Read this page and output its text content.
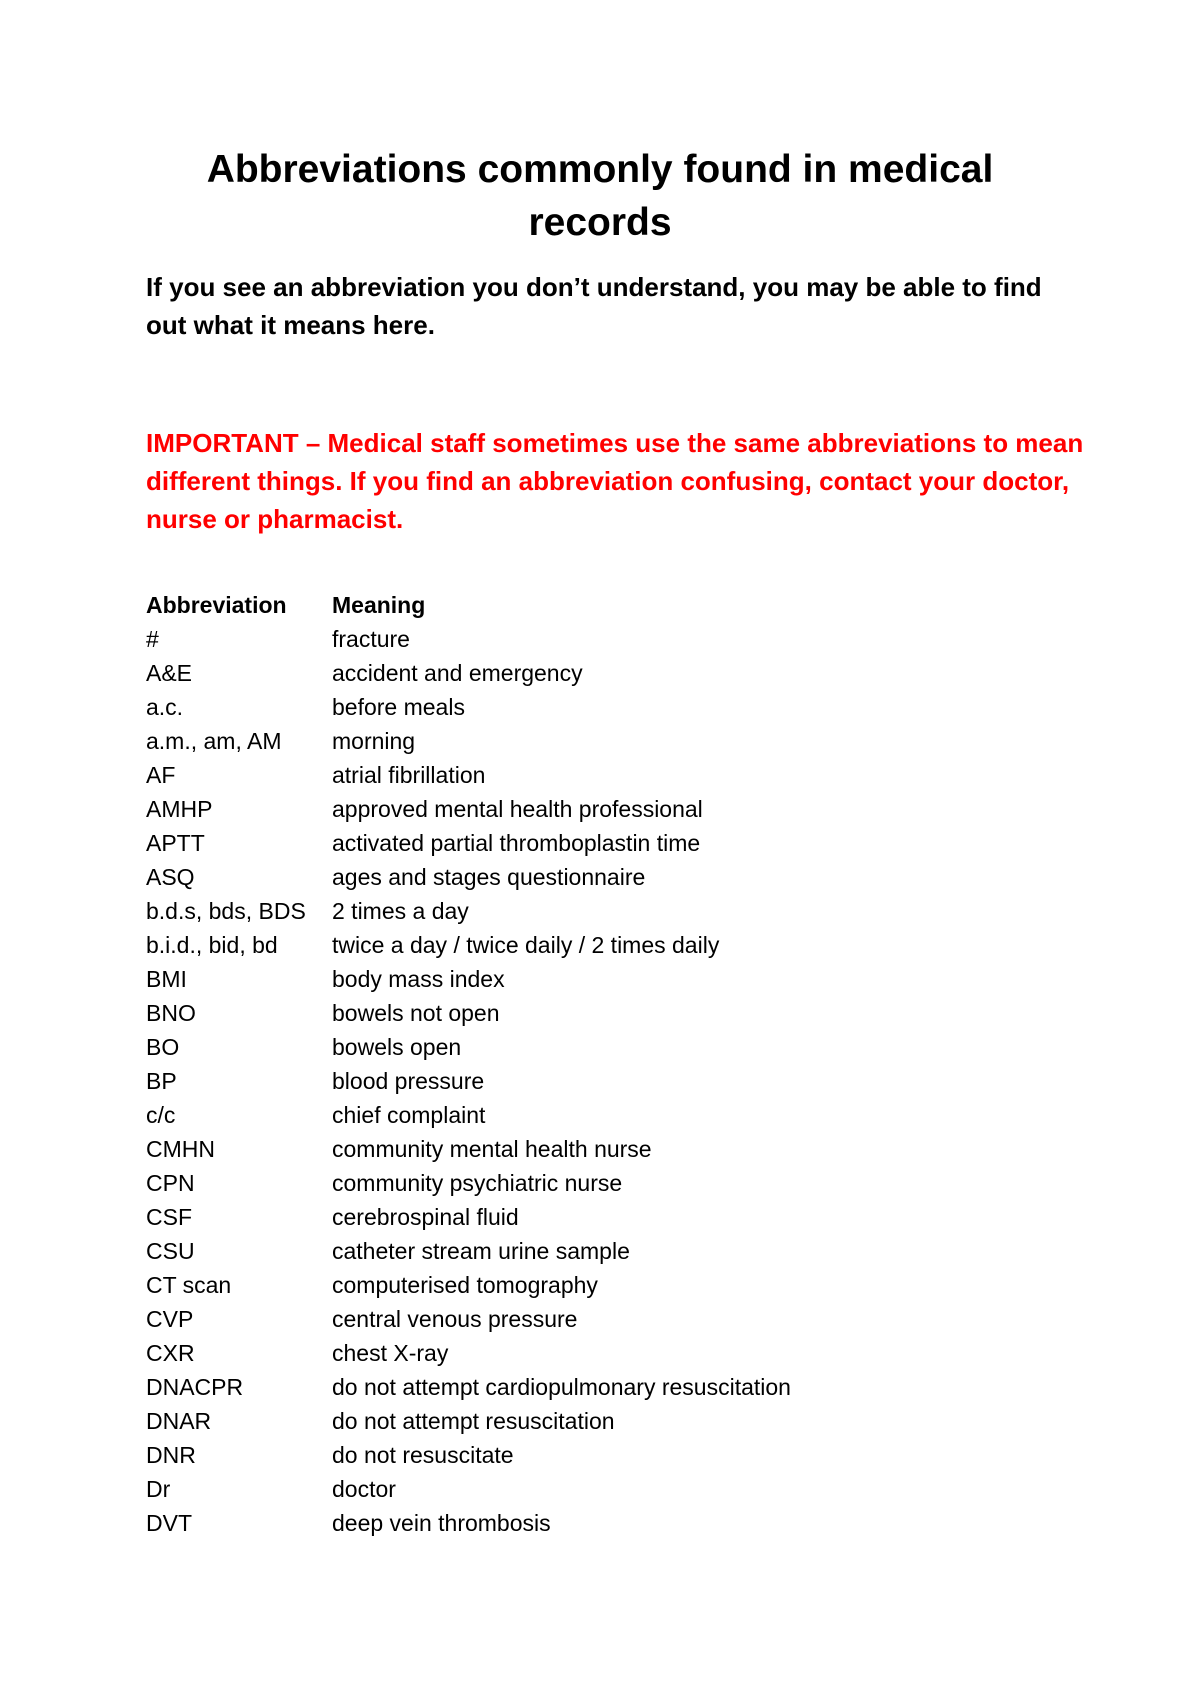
Abbreviations commonly found in medical records

If you see an abbreviation you don’t understand, you may be able to find out what it means here.

IMPORTANT – Medical staff sometimes use the same abbreviations to mean different things. If you find an abbreviation confusing, contact your doctor, nurse or pharmacist.

Abbreviation	Meaning
#	fracture
A&E	accident and emergency
a.c.	before meals
a.m., am, AM	morning
AF	atrial fibrillation
AMHP	approved mental health professional
APTT	activated partial thromboplastin time
ASQ	ages and stages questionnaire
b.d.s, bds, BDS	2 times a day
b.i.d., bid, bd	twice a day / twice daily / 2 times daily
BMI	body mass index
BNO	bowels not open
BO	bowels open
BP	blood pressure
c/c	chief complaint
CMHN	community mental health nurse
CPN	community psychiatric nurse
CSF	cerebrospinal fluid
CSU	catheter stream urine sample
CT scan	computerised tomography
CVP	central venous pressure
CXR	chest X-ray
DNACPR	do not attempt cardiopulmonary resuscitation
DNAR	do not attempt resuscitation
DNR	do not resuscitate
Dr	doctor
DVT	deep vein thrombosis
